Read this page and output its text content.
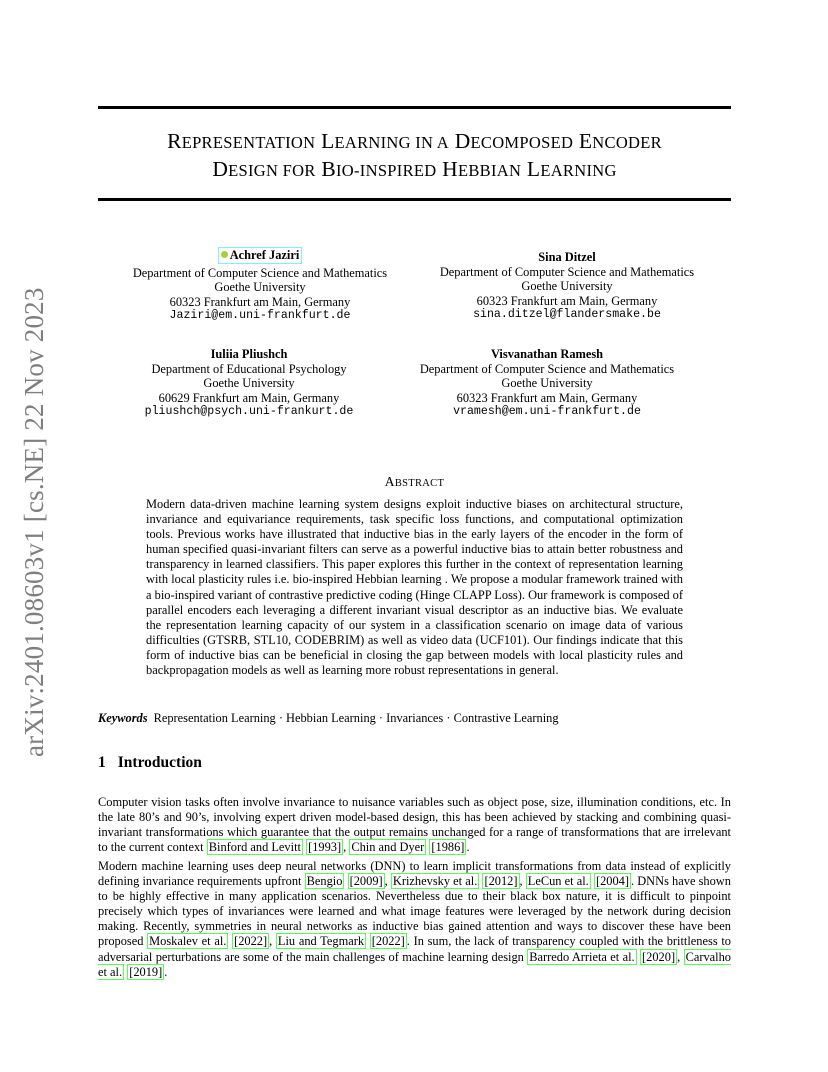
REPRESENTATION LEARNING IN A DECOMPOSED ENCODER
DESIGN FOR BIO-INSPIRED HEBBIAN LEARNING
arXiv:2401.08603v1 [cs.NE] 22 Nov 2023
Achref Jaziri
Department of Computer Science and Mathematics
Goethe University
60323 Frankfurt am Main, Germany
Jaziri@em.uni-frankfurt.de
Sina Ditzel
Department of Computer Science and Mathematics
Goethe University
60323 Frankfurt am Main, Germany
sina.ditzel@flandersmake.be
Iuliia Pliushch
Department of Educational Psychology
Goethe University
60629 Frankfurt am Main, Germany
pliushch@psych.uni-frankurt.de
Visvanathan Ramesh
Department of Computer Science and Mathematics
Goethe University
60323 Frankfurt am Main, Germany
vramesh@em.uni-frankfurt.de
ABSTRACT
Modern data-driven machine learning system designs exploit inductive biases on architectural structure, invariance and equivariance requirements, task specific loss functions, and computational optimization tools. Previous works have illustrated that inductive bias in the early layers of the encoder in the form of human specified quasi-invariant filters can serve as a powerful inductive bias to attain better robustness and transparency in learned classifiers. This paper explores this further in the context of representation learning with local plasticity rules i.e. bio-inspired Hebbian learning . We propose a modular framework trained with a bio-inspired variant of contrastive predictive coding (Hinge CLAPP Loss). Our framework is composed of parallel encoders each leveraging a different invariant visual descriptor as an inductive bias. We evaluate the representation learning capacity of our system in a classification scenario on image data of various difficulties (GTSRB, STL10, CODEBRIM) as well as video data (UCF101). Our findings indicate that this form of inductive bias can be beneficial in closing the gap between models with local plasticity rules and backpropagation models as well as learning more robust representations in general.
Keywords Representation Learning · Hebbian Learning · Invariances · Contrastive Learning
1 Introduction
Computer vision tasks often involve invariance to nuisance variables such as object pose, size, illumination conditions, etc. In the late 80’s and 90’s, involving expert driven model-based design, this has been achieved by stacking and combining quasi-invariant transformations which guarantee that the output remains unchanged for a range of transformations that are irrelevant to the current context Binford and Levitt [1993] , Chin and Dyer [1986] .
Modern machine learning uses deep neural networks (DNN) to learn implicit transformations from data instead of explicitly defining invariance requirements upfront Bengio [2009] , Krizhevsky et al. [2012] , LeCun et al. [2004] . DNNs have shown to be highly effective in many application scenarios. Nevertheless due to their black box nature, it is difficult to pinpoint precisely which types of invariances were learned and what image features were leveraged by the network during decision making. Recently, symmetries in neural networks as inductive bias gained attention and ways to discover these have been proposed Moskalev et al. [2022] , Liu and Tegmark [2022] . In sum, the lack of transparency coupled with the brittleness to adversarial perturbations are some of the main challenges of machine learning design Barredo Arrieta et al. [2020] , Carvalho et al. [2019] .
